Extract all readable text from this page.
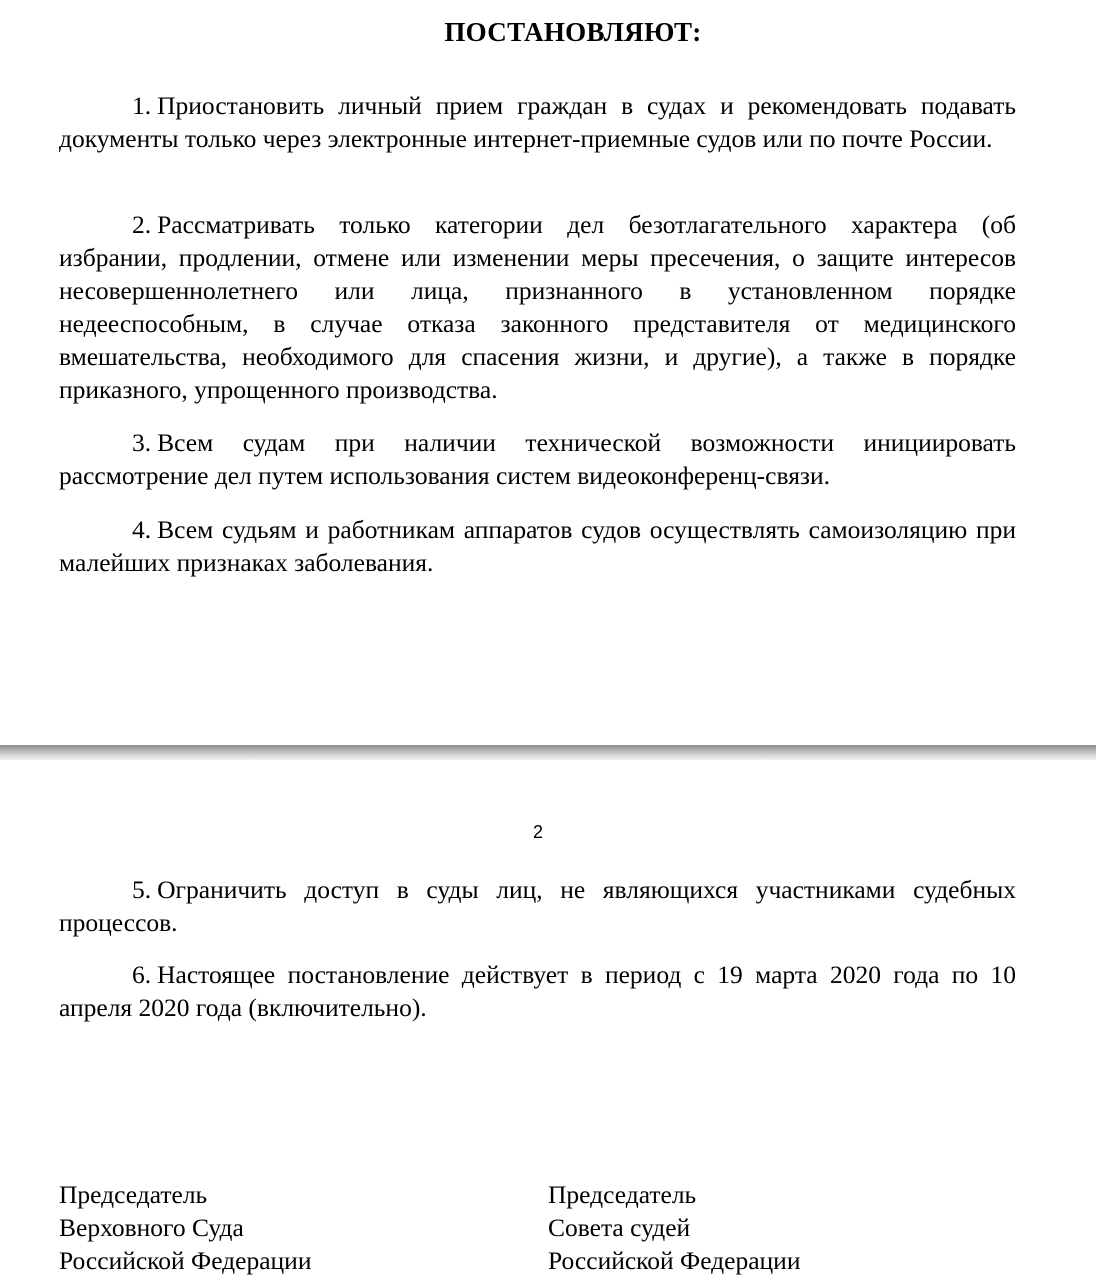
ПОСТАНОВЛЯЮТ:

1. Приостановить личный прием граждан в судах и рекомендовать подавать документы только через электронные интернет-приемные судов или по почте России.

2. Рассматривать только категории дел безотлагательного характера (об избрании, продлении, отмене или изменении меры пресечения, о защите интересов несовершеннолетнего или лица, признанного в установленном порядке недееспособным, в случае отказа законного представителя от медицинского вмешательства, необходимого для спасения жизни, и другие), а также в порядке приказного, упрощенного производства.

3. Всем судам при наличии технической возможности инициировать рассмотрение дел путем использования систем видеоконференц-связи.

4. Всем судьям и работникам аппаратов судов осуществлять самоизоляцию при малейших признаках заболевания.

2

5. Ограничить доступ в суды лиц, не являющихся участниками судебных процессов.

6. Настоящее постановление действует в период с 19 марта 2020 года по 10 апреля 2020 года (включительно).

Председатель
Верховного Суда
Российской Федерации
Председатель
Совета судей
Российской Федерации
